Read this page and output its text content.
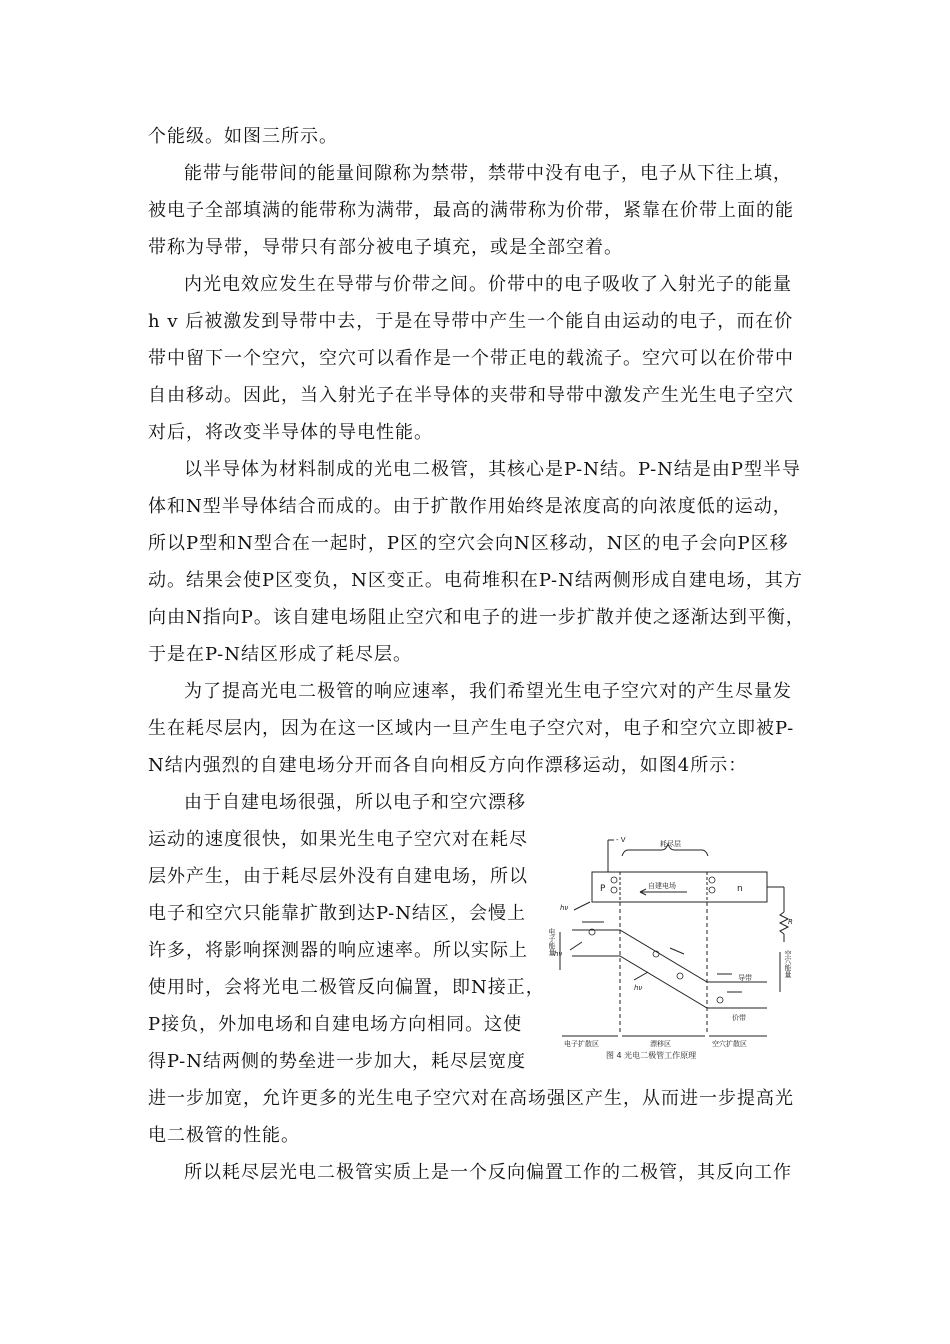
个能级。如图三所示。
能带与能带间的能量间隙称为禁带，禁带中没有电子，电子从下往上填，
被电子全部填满的能带称为满带，最高的满带称为价带，紧靠在价带上面的能
带称为导带，导带只有部分被电子填充，或是全部空着。
内光电效应发生在导带与价带之间。价带中的电子吸收了入射光子的能量
h v 后被激发到导带中去，于是在导带中产生一个能自由运动的电子，而在价
带中留下一个空穴，空穴可以看作是一个带正电的载流子。空穴可以在价带中
自由移动。因此，当入射光子在半导体的夹带和导带中激发产生光生电子空穴
对后，将改变半导体的导电性能。
以半导体为材料制成的光电二极管，其核心是P-N结。P-N结是由P型半导
体和N型半导体结合而成的。由于扩散作用始终是浓度高的向浓度低的运动，
所以P型和N型合在一起时，P区的空穴会向N区移动，N区的电子会向P区移
动。结果会使P区变负，N区变正。电荷堆积在P-N结两侧形成自建电场，其方
向由N指向P。该自建电场阻止空穴和电子的进一步扩散并使之逐渐达到平衡，
于是在P-N结区形成了耗尽层。
为了提高光电二极管的响应速率，我们希望光生电子空穴对的产生尽量发
生在耗尽层内，因为在这一区域内一旦产生电子空穴对，电子和空穴立即被P-
N结内强烈的自建电场分开而各自向相反方向作漂移运动，如图4所示：
由于自建电场很强，所以电子和空穴漂移
运动的速度很快，如果光生电子空穴对在耗尽
层外产生，由于耗尽层外没有自建电场，所以
电子和空穴只能靠扩散到达P-N结区，会慢上
许多，将影响探测器的响应速率。所以实际上
使用时，会将光电二极管反向偏置，即N接正，
P接负，外加电场和自建电场方向相同。这使
得P-N结两侧的势垒进一步加大，耗尽层宽度
进一步加宽，允许更多的光生电子空穴对在高场强区产生，从而进一步提高光
电二极管的性能。
所以耗尽层光电二极管实质上是一个反向偏置工作的二极管，其反向工作
- V	耗尽层
P	n
自建电场
hν
hν
hν
R
电子能量
空穴能量
导带
价带
电子扩散区	漂移区	空穴扩散区
图 4 光电二极管工作原理
